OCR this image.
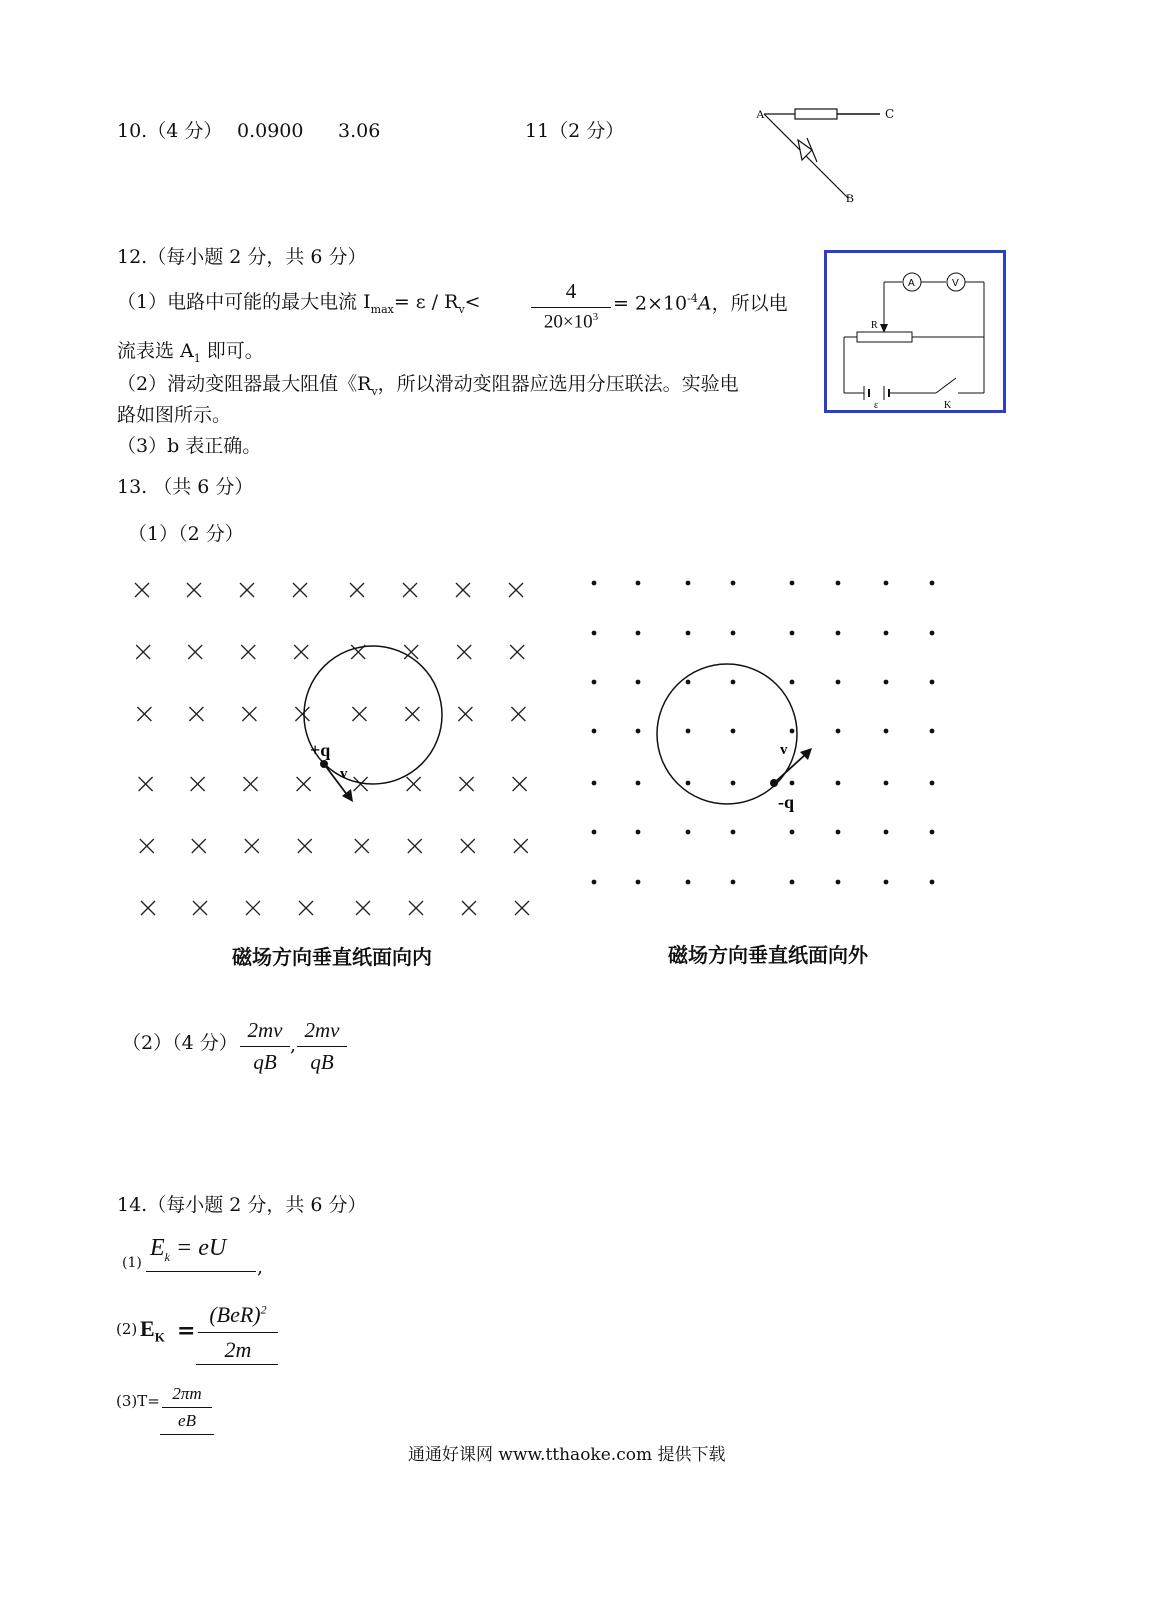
10.（4 分） 0.0900 3.06	11（2 分）
A
B
C
12.（每小题 2 分，共 6 分）
（1）电路中可能的最大电流 $I_{max}= \varepsilon / R_v<$	4
$20\times 10^3$
= $2\times 10^{-4}A$，所以电
流表选 $A_1$ 即可。
（2）滑动变阻器最大阻值《$R_v$，所以滑动变阻器应选用分压联法。实验电
路如图所示。
（3）b 表正确。
A	V
R
ε	K
13. （共 6 分）
（1）（2 分）
+q
v
-q
v
磁场方向垂直纸面向内	磁场方向垂直纸面向外
（2）（4 分）
2mv
qB
,
2mv
qB
14.（每小题 2 分，共 6 分）
(1)
$E_k$ = eU
,
(2) $E_K$ =
(BeR)$^2$
2m
(3)T= 2πm
eB
通通好课网 www.tthaoke.com 提供下载
